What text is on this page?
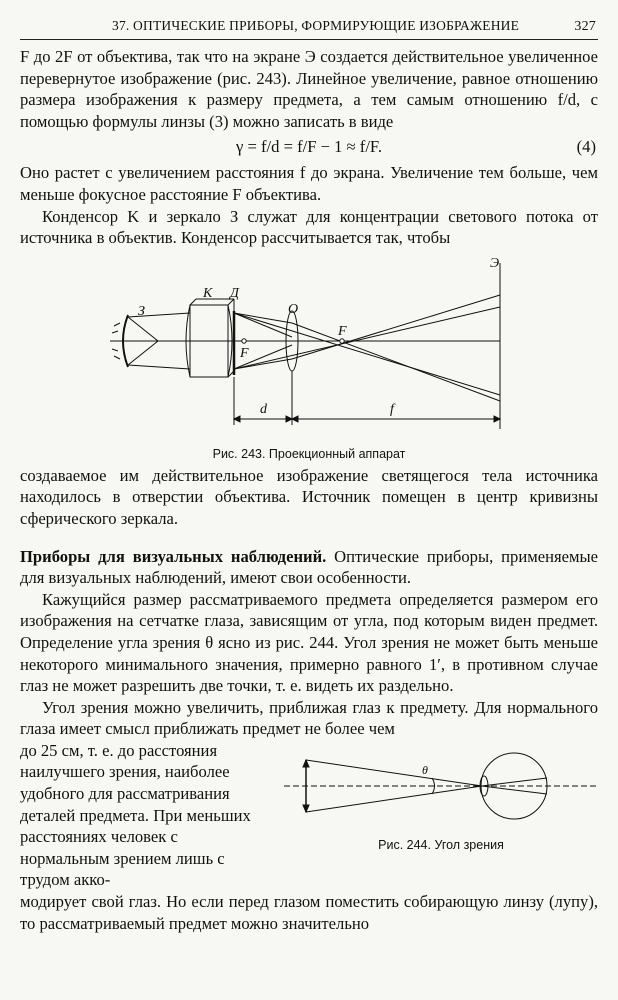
37. ОПТИЧЕСКИЕ ПРИБОРЫ, ФОРМИРУЮЩИЕ ИЗОБРАЖЕНИЕ	327

F до 2F от объектива, так что на экране Э создается действительное увеличенное перевернутое изображение (рис. 243). Линейное увеличение, равное отношению размера изображения к размеру предмета, а тем самым отношению f/d, с помощью формулы линзы (3) можно записать в виде

γ = f/d = f/F − 1 ≈ f/F.	(4)

Оно растет с увеличением расстояния f до экрана. Увеличение тем больше, чем меньше фокусное расстояние F объектива.

Конденсор K и зеркало З служат для концентрации светового потока от источника в объектив. Конденсор рассчитывается так, чтобы

З
K Д
O
F
F
Э
d	f
Рис. 243. Проекционный аппарат

создаваемое им действительное изображение светящегося тела источника находилось в отверстии объектива. Источник помещен в центр кривизны сферического зеркала.

Приборы для визуальных наблюдений. Оптические приборы, применяемые для визуальных наблюдений, имеют свои особенности.

Кажущийся размер рассматриваемого предмета определяется размером его изображения на сетчатке глаза, зависящим от угла, под которым виден предмет. Определение угла зрения θ ясно из рис. 244. Угол зрения не может быть меньше некоторого минимального значения, примерно равного 1′, в противном случае глаз не может разрешить две точки, т. е. видеть их раздельно.

Угол зрения можно увеличить, приближая глаз к предмету. Для нормального глаза имеет смысл приближать предмет не более чем

до 25 см, т. е. до расстояния наилучшего зрения, наиболее удобного для рассматривания деталей предмета. При меньших расстояниях человек с нормальным зрением лишь с трудом акко-

θ
Рис. 244. Угол зрения

модирует свой глаз. Но если перед глазом поместить собирающую линзу (лупу), то рассматриваемый предмет можно значительно
